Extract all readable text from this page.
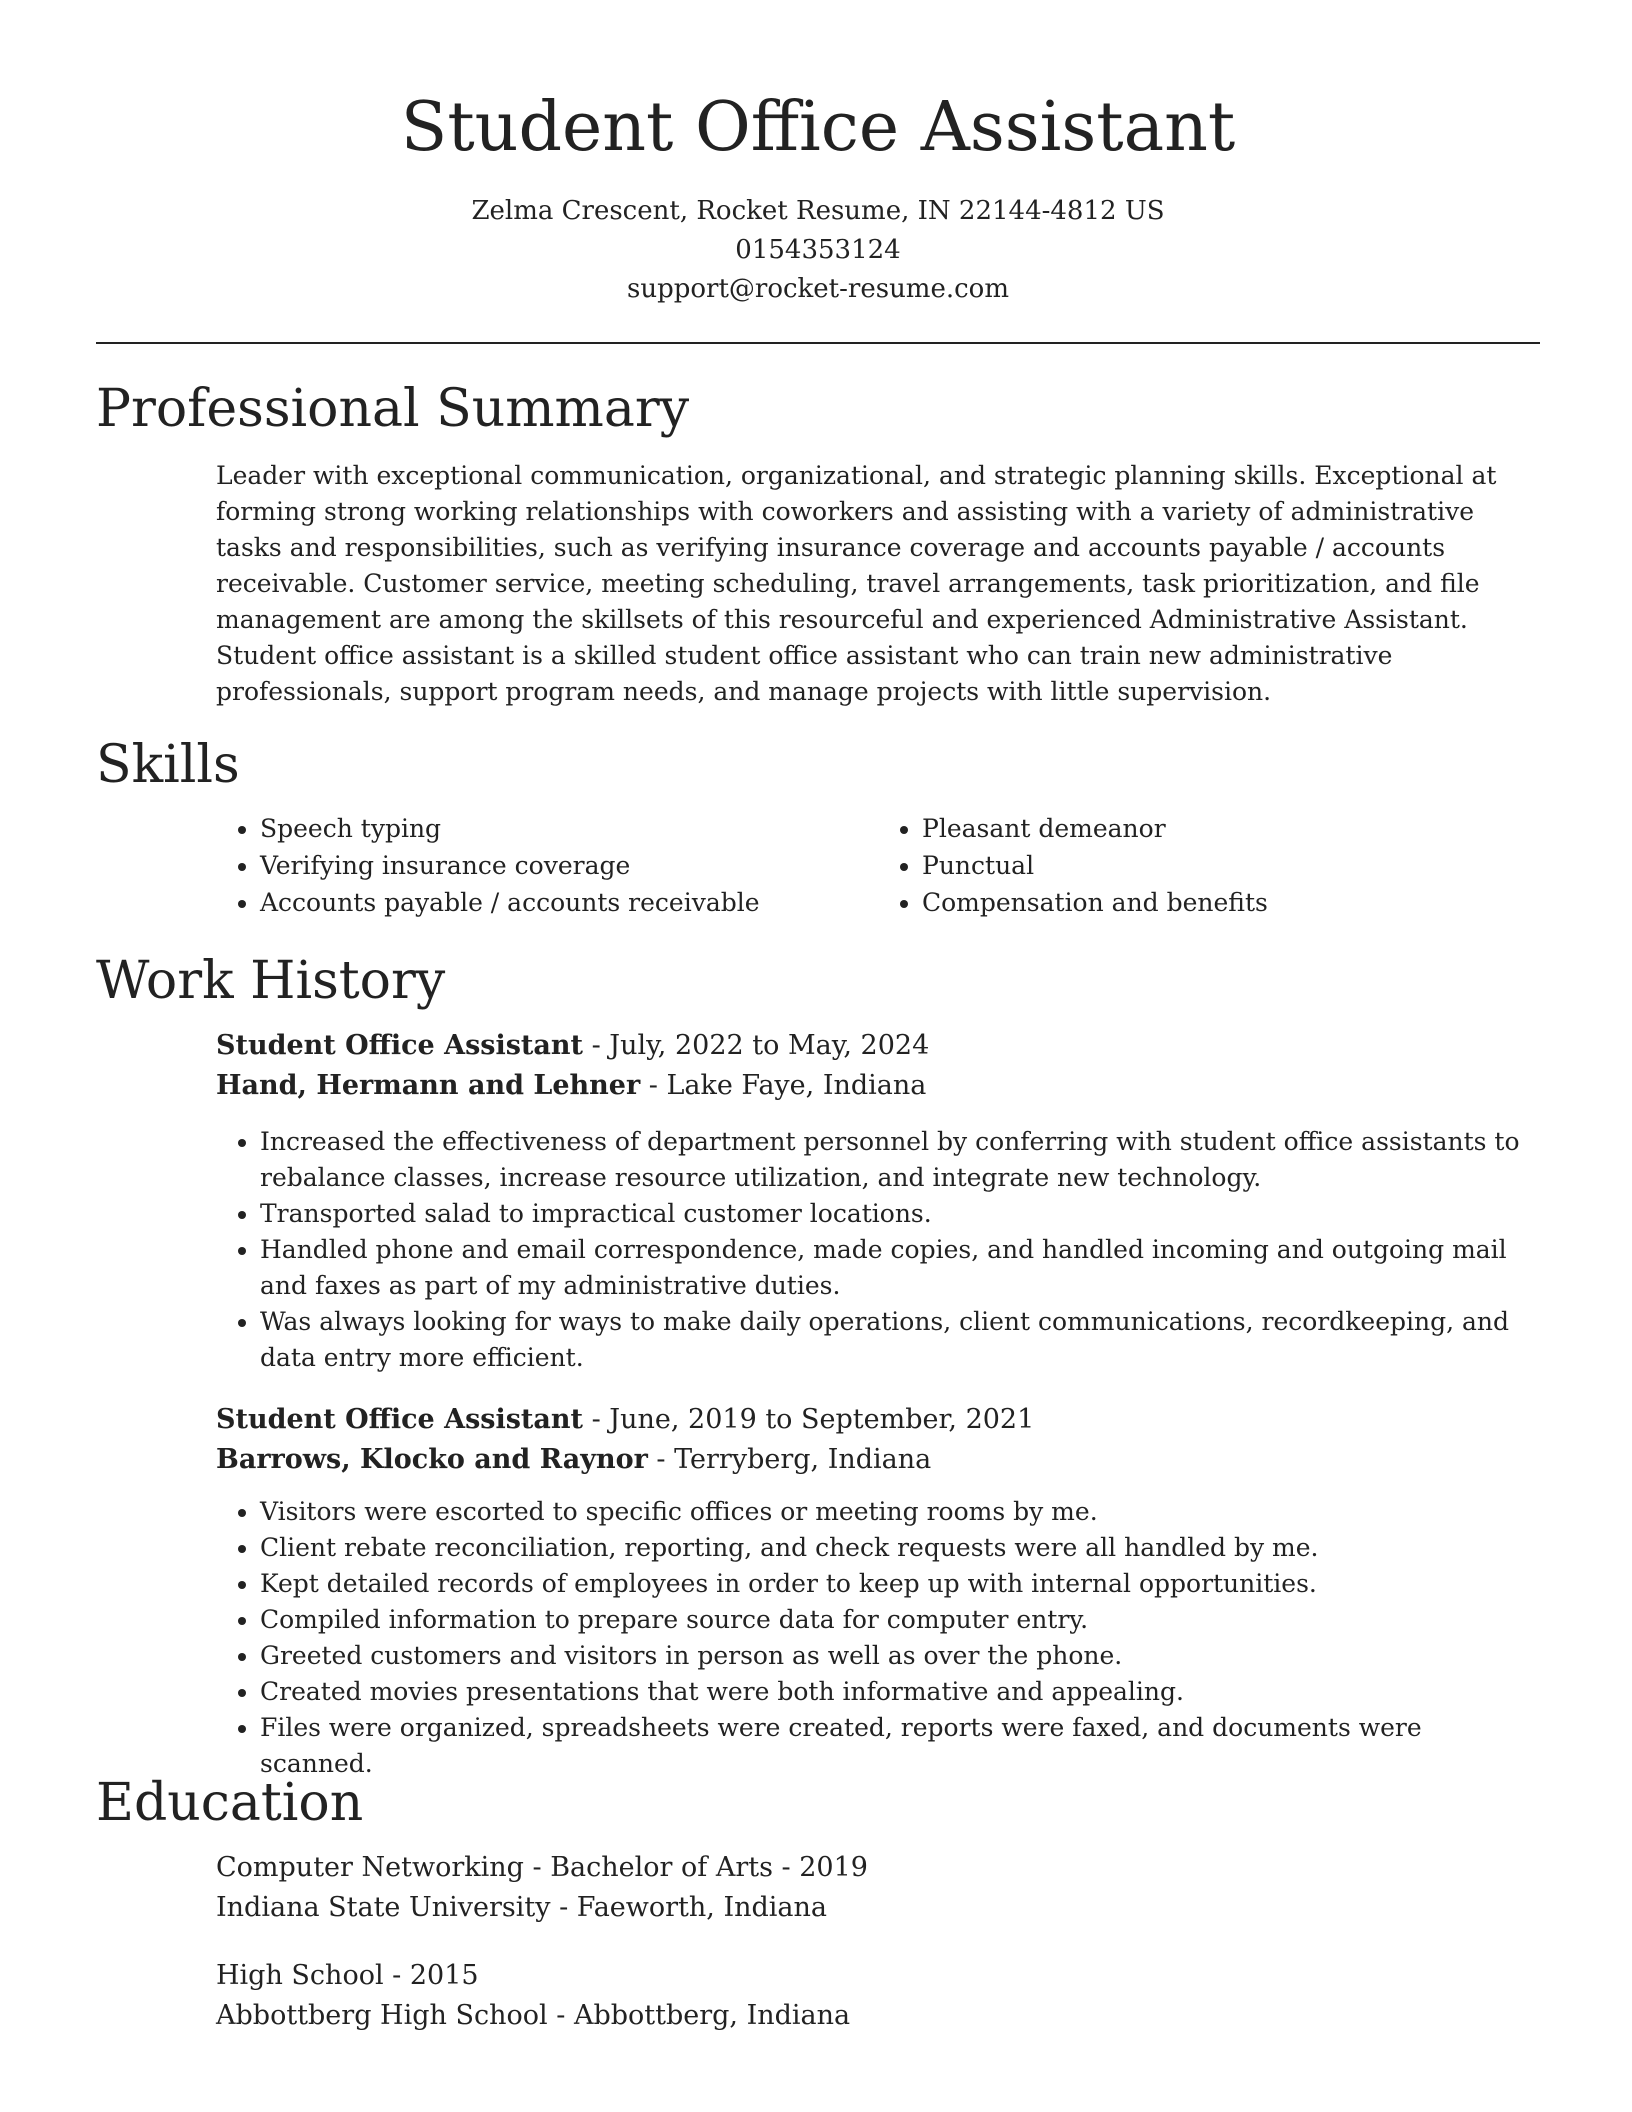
Student Office Assistant
Zelma Crescent, Rocket Resume, IN 22144-4812 US
0154353124
support@rocket-resume.com
Professional Summary

Leader with exceptional communication, organizational, and strategic planning skills. Exceptional at forming strong working relationships with coworkers and assisting with a variety of administrative tasks and responsibilities, such as verifying insurance coverage and accounts payable / accounts receivable. Customer service, meeting scheduling, travel arrangements, task prioritization, and file management are among the skillsets of this resourceful and experienced Administrative Assistant. Student office assistant is a skilled student office assistant who can train new administrative professionals, support program needs, and manage projects with little supervision.

Skills
• Speech typing
• Verifying insurance coverage
• Accounts payable / accounts receivable
• Pleasant demeanor
• Punctual
• Compensation and benefits
Work History
Student Office Assistant - July, 2022 to May, 2024
Hand, Hermann and Lehner - Lake Faye, Indiana
• Increased the effectiveness of department personnel by conferring with student office assistants to rebalance classes, increase resource utilization, and integrate new technology.
• Transported salad to impractical customer locations.
• Handled phone and email correspondence, made copies, and handled incoming and outgoing mail and faxes as part of my administrative duties.
• Was always looking for ways to make daily operations, client communications, recordkeeping, and data entry more efficient.
Student Office Assistant - June, 2019 to September, 2021
Barrows, Klocko and Raynor - Terryberg, Indiana
• Visitors were escorted to specific offices or meeting rooms by me.
• Client rebate reconciliation, reporting, and check requests were all handled by me.
• Kept detailed records of employees in order to keep up with internal opportunities.
• Compiled information to prepare source data for computer entry.
• Greeted customers and visitors in person as well as over the phone.
• Created movies presentations that were both informative and appealing.
• Files were organized, spreadsheets were created, reports were faxed, and documents were scanned.
Education
Computer Networking - Bachelor of Arts - 2019
Indiana State University - Faeworth, Indiana
High School - 2015
Abbottberg High School - Abbottberg, Indiana
